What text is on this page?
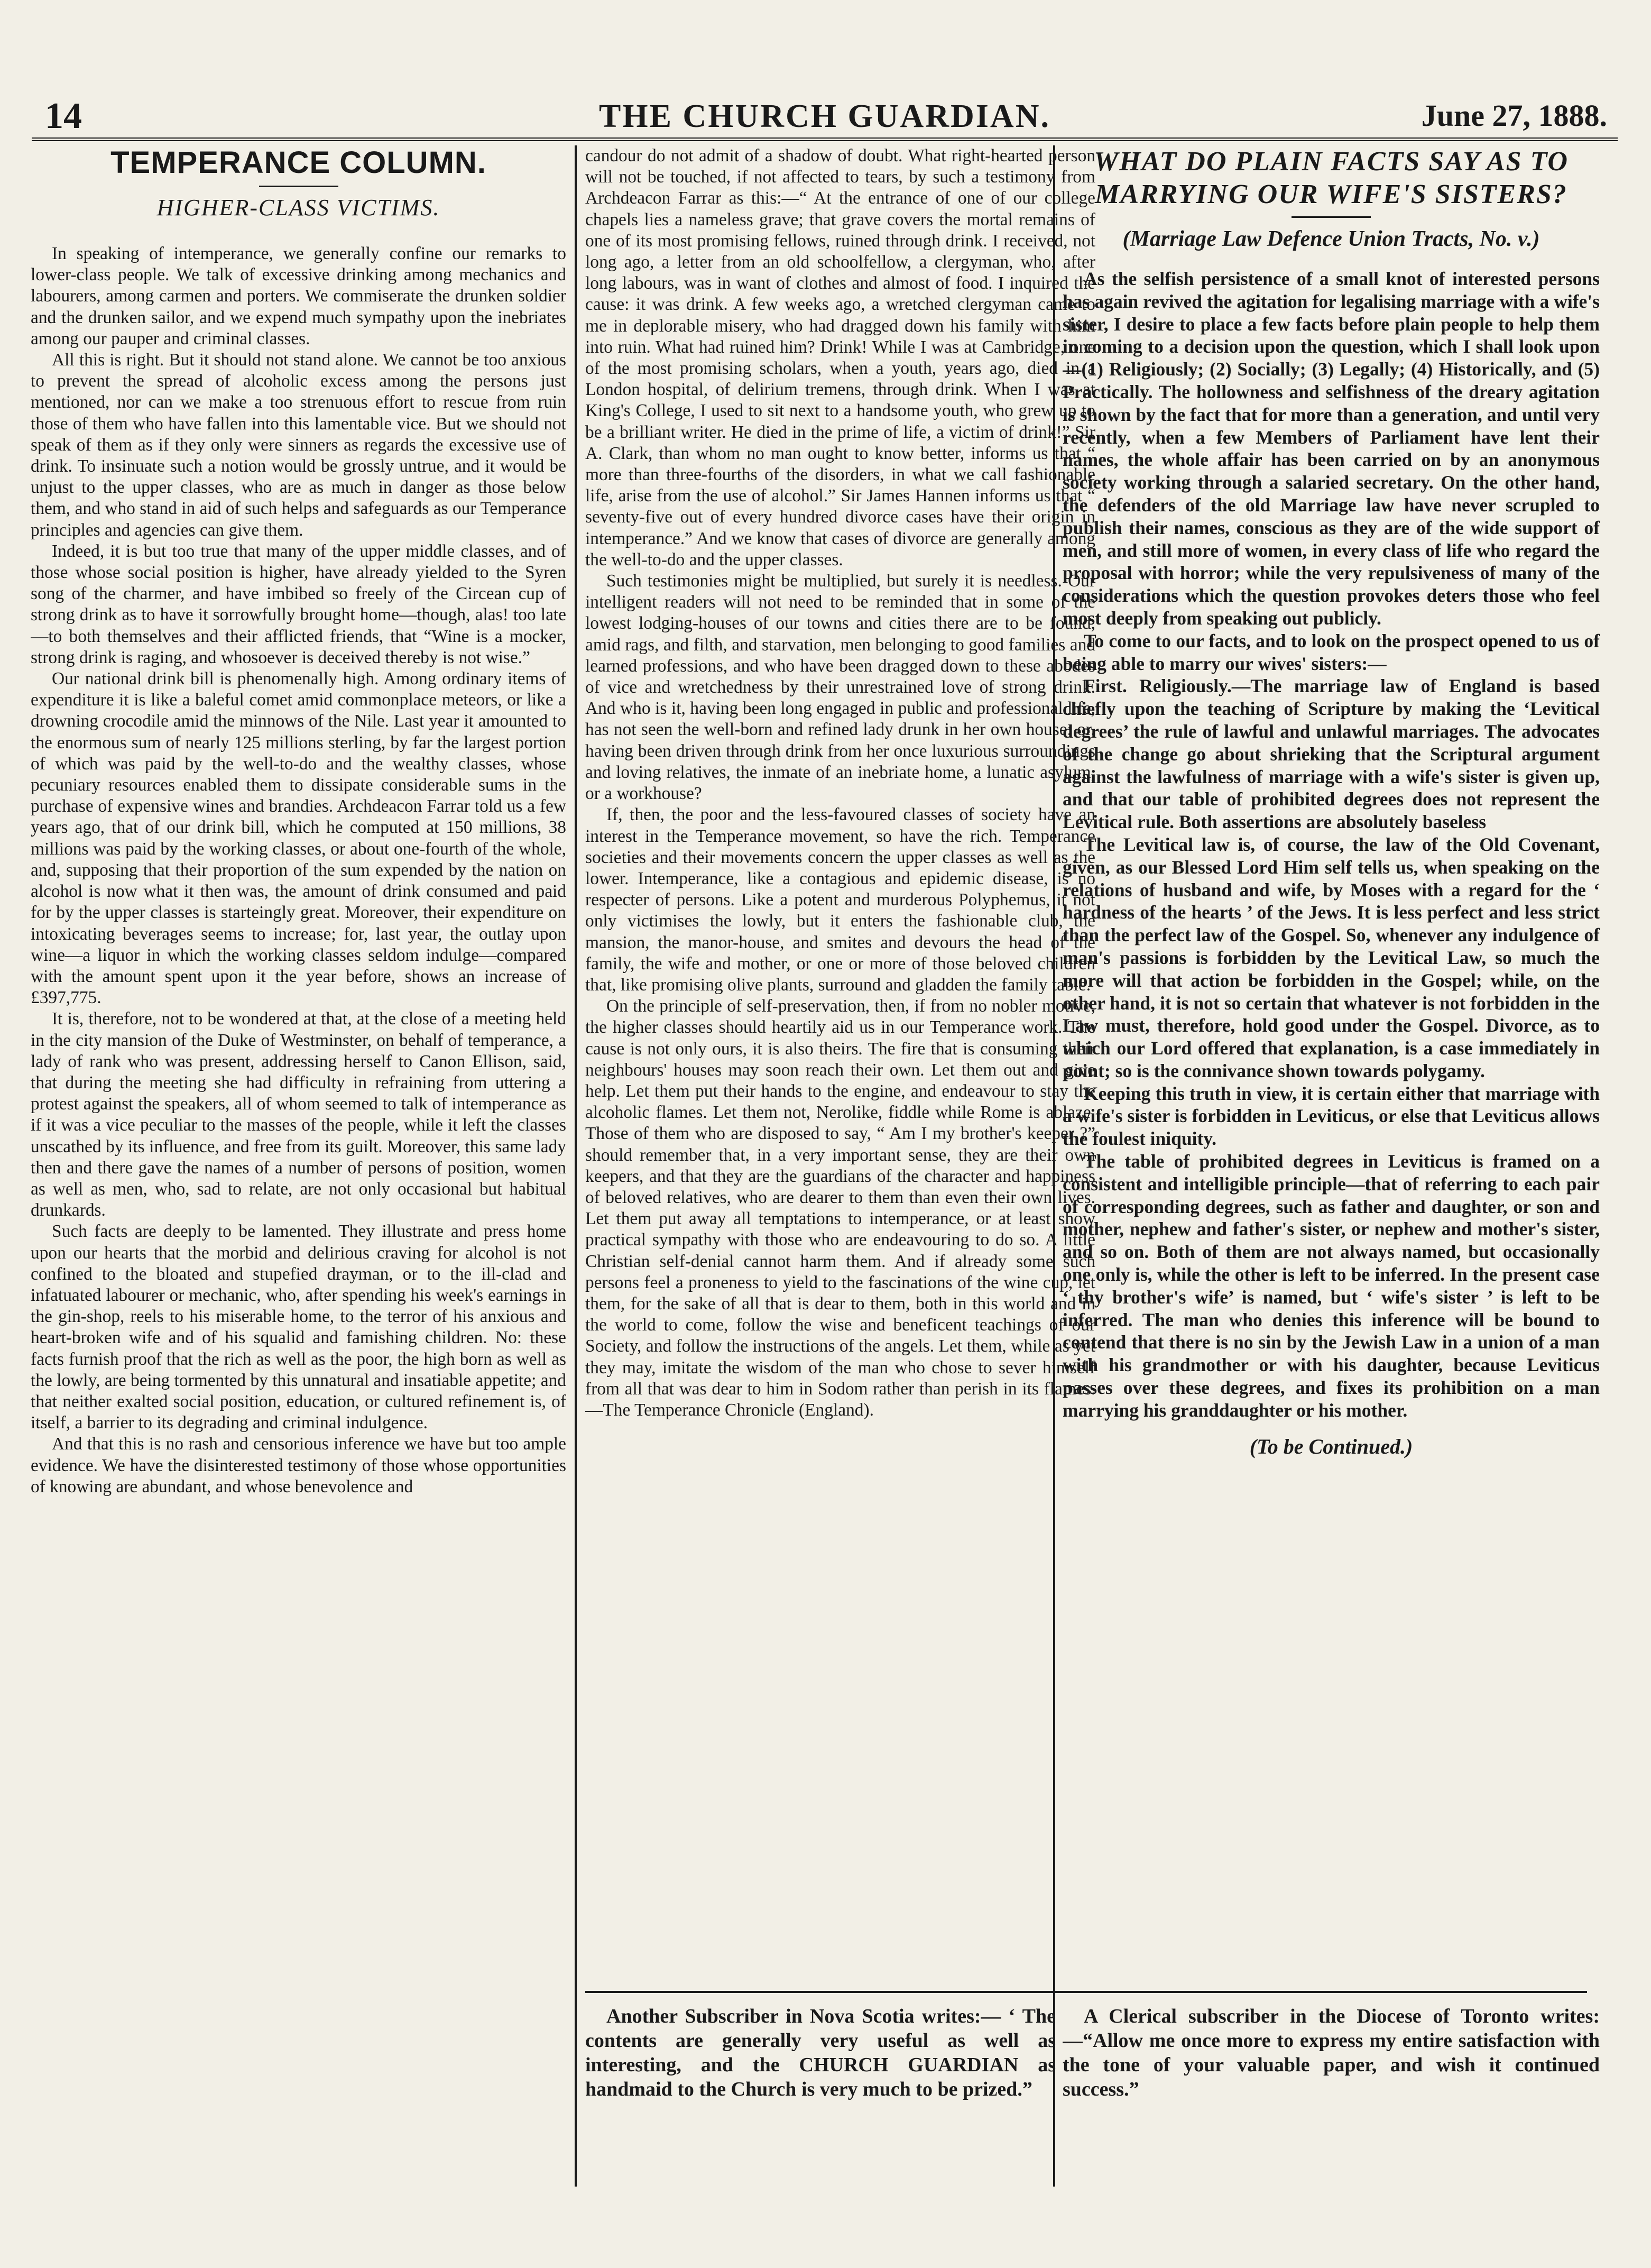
14	THE CHURCH GUARDIAN.	June 27, 1888.
TEMPERANCE COLUMN.
HIGHER-CLASS VICTIMS.

In speaking of intemperance, we generally confine our remarks to lower-class people. We talk of excessive drinking among mechanics and labourers, among carmen and porters. We commiserate the drunken soldier and the drunken sailor, and we expend much sympathy upon the inebriates among our pauper and criminal classes.

All this is right. But it should not stand alone. We cannot be too anxious to prevent the spread of alcoholic excess among the persons just mentioned, nor can we make a too strenuous effort to rescue from ruin those of them who have fallen into this lamentable vice. But we should not speak of them as if they only were sinners as regards the excessive use of drink. To insinuate such a notion would be grossly untrue, and it would be unjust to the upper classes, who are as much in danger as those below them, and who stand in aid of such helps and safeguards as our Temperance principles and agencies can give them.

Indeed, it is but too true that many of the upper middle classes, and of those whose social position is higher, have already yielded to the Syren song of the charmer, and have imbibed so freely of the Circean cup of strong drink as to have it sorrowfully brought home—though, alas! too late—to both themselves and their afflicted friends, that “Wine is a mocker, strong drink is raging, and whosoever is deceived thereby is not wise.”

Our national drink bill is phenomenally high. Among ordinary items of expenditure it is like a baleful comet amid commonplace meteors, or like a drowning crocodile amid the minnows of the Nile. Last year it amounted to the enormous sum of nearly 125 millions sterling, by far the largest portion of which was paid by the well-to-do and the wealthy classes, whose pecuniary resources enabled them to dissipate considerable sums in the purchase of expensive wines and brandies. Archdeacon Farrar told us a few years ago, that of our drink bill, which he computed at 150 millions, 38 millions was paid by the working classes, or about one-fourth of the whole, and, supposing that their proportion of the sum expended by the nation on alcohol is now what it then was, the amount of drink consumed and paid for by the upper classes is starteingly great. Moreover, their expenditure on intoxicating beverages seems to increase; for, last year, the outlay upon wine—a liquor in which the working classes seldom indulge—compared with the amount spent upon it the year before, shows an increase of £397,775.

It is, therefore, not to be wondered at that, at the close of a meeting held in the city mansion of the Duke of Westminster, on behalf of temperance, a lady of rank who was present, addressing herself to Canon Ellison, said, that during the meeting she had difficulty in refraining from uttering a protest against the speakers, all of whom seemed to talk of intemperance as if it was a vice peculiar to the masses of the people, while it left the classes unscathed by its influence, and free from its guilt. Moreover, this same lady then and there gave the names of a number of persons of position, women as well as men, who, sad to relate, are not only occasional but habitual drunkards.

Such facts are deeply to be lamented. They illustrate and press home upon our hearts that the morbid and delirious craving for alcohol is not confined to the bloated and stupefied drayman, or to the ill-clad and infatuated labourer or mechanic, who, after spending his week's earnings in the gin-shop, reels to his miserable home, to the terror of his anxious and heart-broken wife and of his squalid and famishing children. No: these facts furnish proof that the rich as well as the poor, the high born as well as the lowly, are being tormented by this unnatural and insatiable appetite; and that neither exalted social position, education, or cultured refinement is, of itself, a barrier to its degrading and criminal indulgence.

And that this is no rash and censorious inference we have but too ample evidence. We have the disinterested testimony of those whose opportunities of knowing are abundant, and whose benevolence and

candour do not admit of a shadow of doubt. What right-hearted person will not be touched, if not affected to tears, by such a testimony from Archdeacon Farrar as this:—“ At the entrance of one of our college chapels lies a nameless grave; that grave covers the mortal remains of one of its most promising fellows, ruined through drink. I received, not long ago, a letter from an old schoolfellow, a clergyman, who, after long labours, was in want of clothes and almost of food. I inquired the cause: it was drink. A few weeks ago, a wretched clergyman came to me in deplorable misery, who had dragged down his family with him into ruin. What had ruined him? Drink! While I was at Cambridge, one of the most promising scholars, when a youth, years ago, died in a London hospital, of delirium tremens, through drink. When I was at King's College, I used to sit next to a handsome youth, who grew up to be a brilliant writer. He died in the prime of life, a victim of drink!” Sir A. Clark, than whom no man ought to know better, informs us that “ more than three-fourths of the disorders, in what we call fashionable life, arise from the use of alcohol.” Sir James Hannen informs us that “ seventy-five out of every hundred divorce cases have their origin in intemperance.” And we know that cases of divorce are generally among the well-to-do and the upper classes.

Such testimonies might be multiplied, but surely it is needless. Our intelligent readers will not need to be reminded that in some of the lowest lodging-houses of our towns and cities there are to be found, amid rags, and filth, and starvation, men belonging to good families and learned professions, and who have been dragged down to these abodes of vice and wretchedness by their unrestrained love of strong drink. And who is it, having been long engaged in public and professional life, has not seen the well-born and refined lady drunk in her own house; or, having been driven through drink from her once luxurious surroundings and loving relatives, the inmate of an inebriate home, a lunatic asylum, or a workhouse?

If, then, the poor and the less-favoured classes of society have an interest in the Temperance movement, so have the rich. Temperance societies and their movements concern the upper classes as well as the lower. Intemperance, like a contagious and epidemic disease, is no respecter of persons. Like a potent and murderous Polyphemus, it not only victimises the lowly, but it enters the fashionable club, the mansion, the manor-house, and smites and devours the head of the family, the wife and mother, or one or more of those beloved children that, like promising olive plants, surround and gladden the family table.

On the principle of self-preservation, then, if from no nobler motive, the higher classes should heartily aid us in our Temperance work. The cause is not only ours, it is also theirs. The fire that is consuming their neighbours' houses may soon reach their own. Let them out and give help. Let them put their hands to the engine, and endeavour to stay the alcoholic flames. Let them not, Nerolike, fiddle while Rome is ablaze. Those of them who are disposed to say, “ Am I my brother's keeper ?” should remember that, in a very important sense, they are their own keepers, and that they are the guardians of the character and happiness of beloved relatives, who are dearer to them than even their own lives. Let them put away all temptations to intemperance, or at least show practical sympathy with those who are endeavouring to do so. A little Christian self-denial cannot harm them. And if already some such persons feel a proneness to yield to the fascinations of the wine cup, let them, for the sake of all that is dear to them, both in this world and in the world to come, follow the wise and beneficent teachings of our Society, and follow the instructions of the angels. Let them, while as yet they may, imitate the wisdom of the man who chose to sever himself from all that was dear to him in Sodom rather than perish in its flames.—The Temperance Chronicle (England).

WHAT DO PLAIN FACTS SAY AS TO MARRYING OUR WIFE'S SISTERS?
(Marriage Law Defence Union Tracts, No. v.)

As the selfish persistence of a small knot of interested persons has again revived the agitation for legalising marriage with a wife's sister, I desire to place a few facts before plain people to help them in coming to a decision upon the question, which I shall look upon—(1) Religiously; (2) Socially; (3) Legally; (4) Historically, and (5) Practically. The hollowness and selfishness of the dreary agitation is shown by the fact that for more than a generation, and until very recently, when a few Members of Parliament have lent their names, the whole affair has been carried on by an anonymous society working through a salaried secretary. On the other hand, the defenders of the old Marriage law have never scrupled to publish their names, conscious as they are of the wide support of men, and still more of women, in every class of life who regard the proposal with horror; while the very repulsiveness of many of the considerations which the question provokes deters those who feel most deeply from speaking out publicly.

To come to our facts, and to look on the prospect opened to us of being able to marry our wives' sisters:—

First. Religiously.—The marriage law of England is based chiefly upon the teaching of Scripture by making the ‘Levitical degrees’ the rule of lawful and unlawful marriages. The advocates of the change go about shrieking that the Scriptural argument against the lawfulness of marriage with a wife's sister is given up, and that our table of prohibited degrees does not represent the Levitical rule. Both assertions are absolutely baseless

The Levitical law is, of course, the law of the Old Covenant, given, as our Blessed Lord Him self tells us, when speaking on the relations of husband and wife, by Moses with a regard for the ‘ hardness of the hearts ’ of the Jews. It is less perfect and less strict than the perfect law of the Gospel. So, whenever any indulgence of man's passions is forbidden by the Levitical Law, so much the more will that action be forbidden in the Gospel; while, on the other hand, it is not so certain that whatever is not forbidden in the Law must, therefore, hold good under the Gospel. Divorce, as to which our Lord offered that explanation, is a case immediately in point; so is the connivance shown towards polygamy.

Keeping this truth in view, it is certain either that marriage with a wife's sister is forbidden in Leviticus, or else that Leviticus allows the foulest iniquity.

The table of prohibited degrees in Leviticus is framed on a consistent and intelligible principle—that of referring to each pair of corresponding degrees, such as father and daughter, or son and mother, nephew and father's sister, or nephew and mother's sister, and so on. Both of them are not always named, but occasionally one only is, while the other is left to be inferred. In the present case ‘ thy brother's wife’ is named, but ‘ wife's sister ’ is left to be inferred. The man who denies this inference will be bound to contend that there is no sin by the Jewish Law in a union of a man with his grandmother or with his daughter, because Leviticus passes over these degrees, and fixes its prohibition on a man marrying his granddaughter or his mother.

(To be Continued.)

Another Subscriber in Nova Scotia writes:— ‘ The contents are generally very useful as well as interesting, and the CHURCH GUARDIAN as handmaid to the Church is very much to be prized.”

A Clerical subscriber in the Diocese of Toronto writes:—“Allow me once more to express my entire satisfaction with the tone of your valuable paper, and wish it continued success.”
